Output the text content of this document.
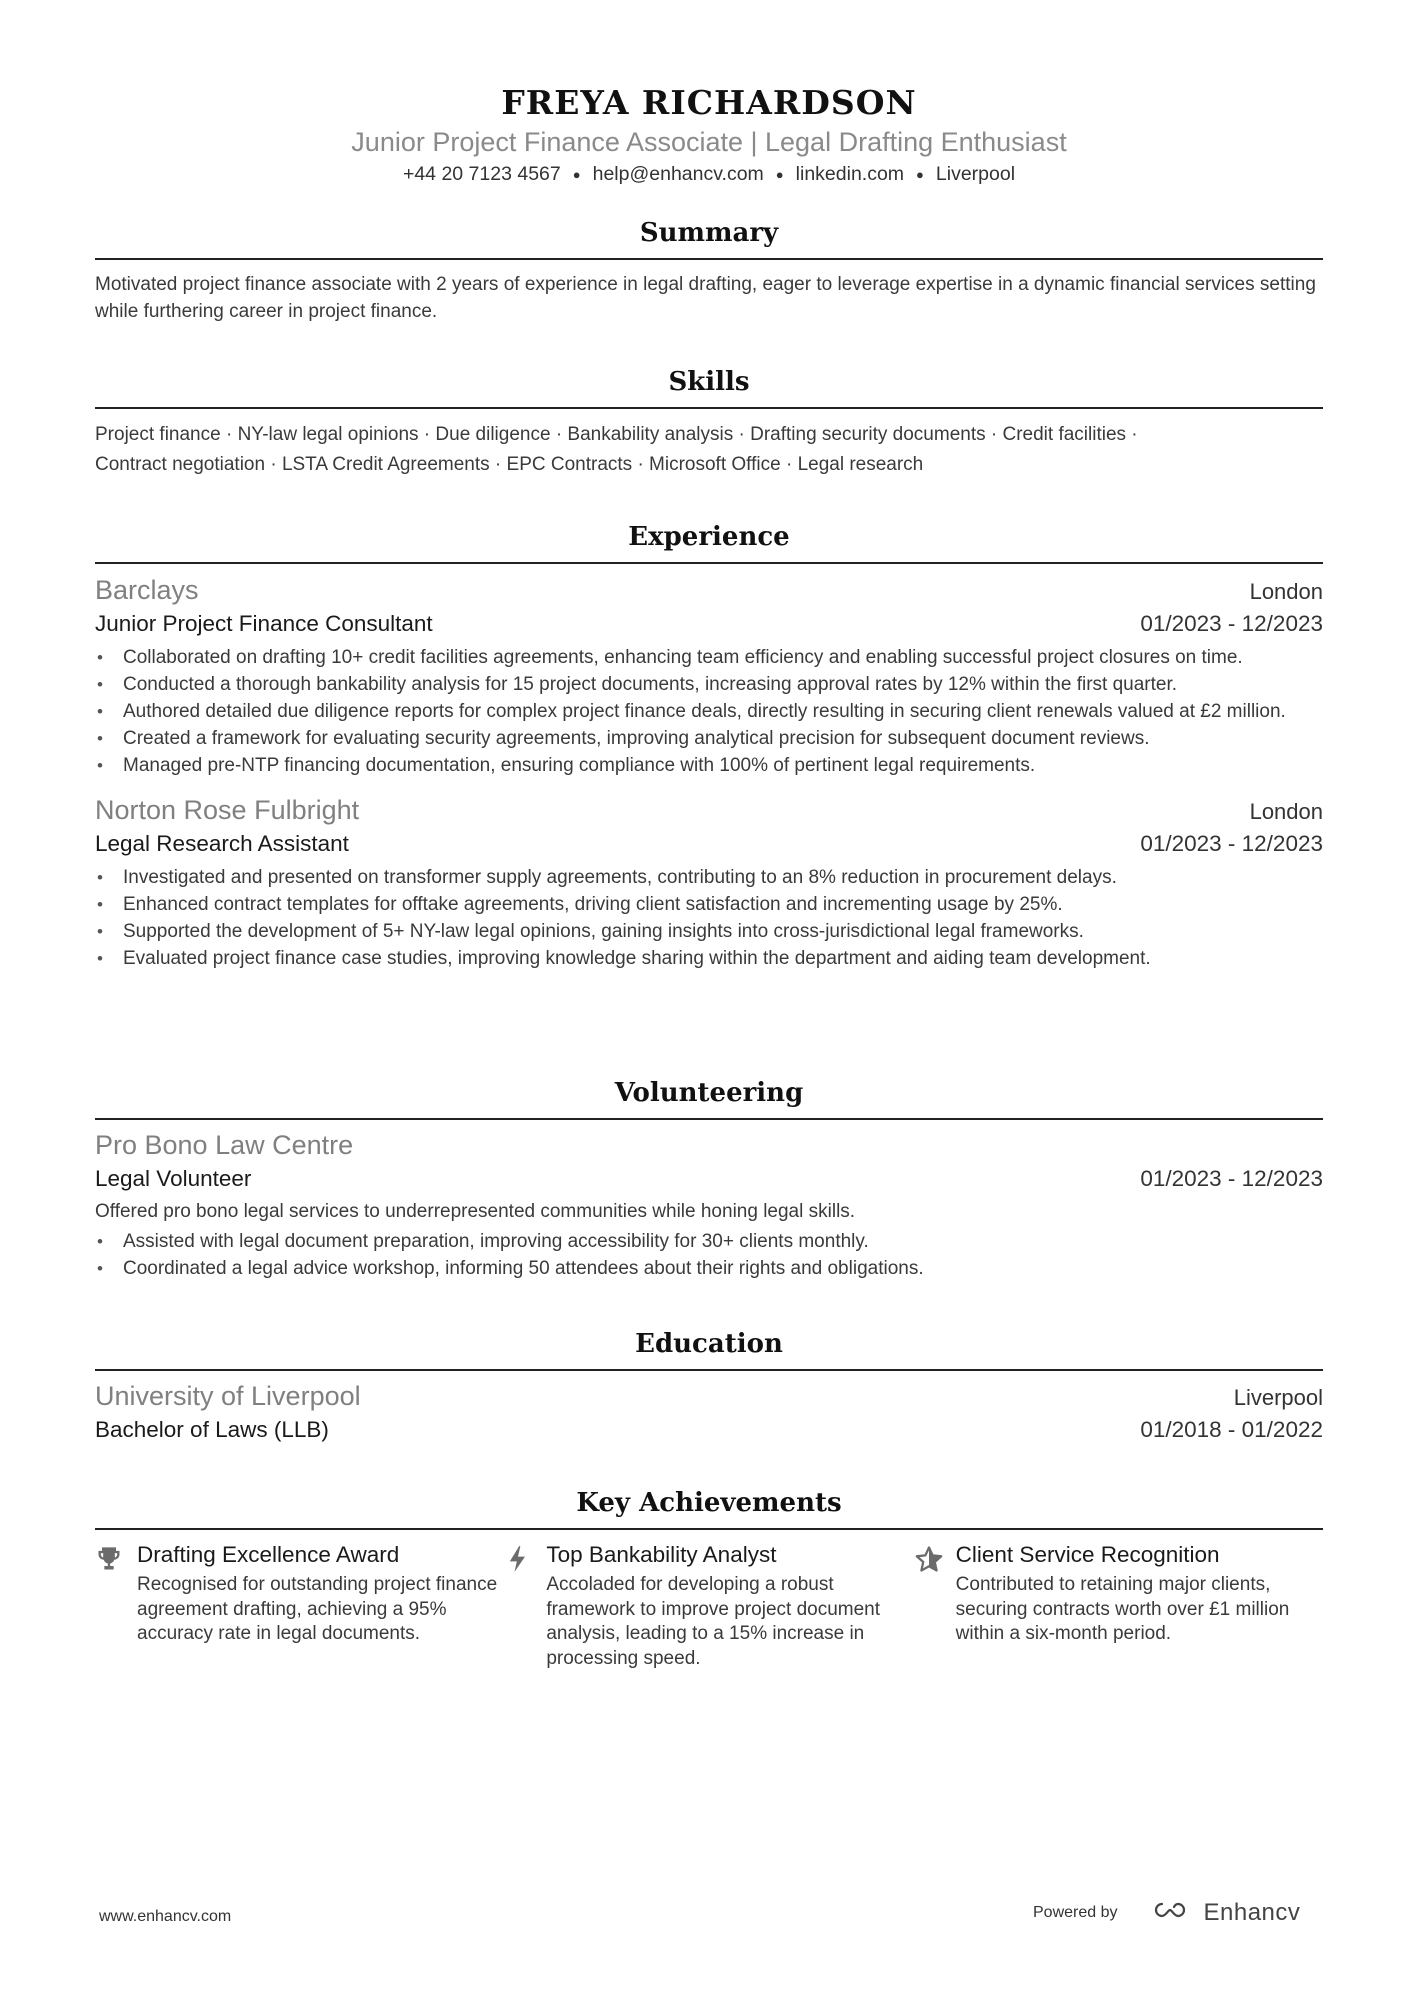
FREYA RICHARDSON
Junior Project Finance Associate | Legal Drafting Enthusiast
+44 20 7123 4567 ● help@enhancv.com ● linkedin.com ● Liverpool
Summary
Motivated project finance associate with 2 years of experience in legal drafting, eager to leverage expertise in a dynamic financial services setting while furthering career in project finance.
Skills
Project finance · NY-law legal opinions · Due diligence · Bankability analysis · Drafting security documents · Credit facilities ·
Contract negotiation · LSTA Credit Agreements · EPC Contracts · Microsoft Office · Legal research
Experience
Barclays	London
Junior Project Finance Consultant	01/2023 - 12/2023
• Collaborated on drafting 10+ credit facilities agreements, enhancing team efficiency and enabling successful project closures on time.
• Conducted a thorough bankability analysis for 15 project documents, increasing approval rates by 12% within the first quarter.
• Authored detailed due diligence reports for complex project finance deals, directly resulting in securing client renewals valued at £2 million.
• Created a framework for evaluating security agreements, improving analytical precision for subsequent document reviews.
• Managed pre-NTP financing documentation, ensuring compliance with 100% of pertinent legal requirements.
Norton Rose Fulbright	London
Legal Research Assistant	01/2023 - 12/2023
• Investigated and presented on transformer supply agreements, contributing to an 8% reduction in procurement delays.
• Enhanced contract templates for offtake agreements, driving client satisfaction and incrementing usage by 25%.
• Supported the development of 5+ NY-law legal opinions, gaining insights into cross-jurisdictional legal frameworks.
• Evaluated project finance case studies, improving knowledge sharing within the department and aiding team development.
Volunteering
Pro Bono Law Centre
Legal Volunteer	01/2023 - 12/2023
Offered pro bono legal services to underrepresented communities while honing legal skills.
• Assisted with legal document preparation, improving accessibility for 30+ clients monthly.
• Coordinated a legal advice workshop, informing 50 attendees about their rights and obligations.
Education
University of Liverpool	Liverpool
Bachelor of Laws (LLB)	01/2018 - 01/2022
Key Achievements
Drafting Excellence Award
Recognised for outstanding project finance agreement drafting, achieving a 95% accuracy rate in legal documents.
Top Bankability Analyst
Accoladed for developing a robust framework to improve project document analysis, leading to a 15% increase in processing speed.
Client Service Recognition
Contributed to retaining major clients, securing contracts worth over £1 million within a six-month period.
www.enhancv.com	Powered by	Enhancv
